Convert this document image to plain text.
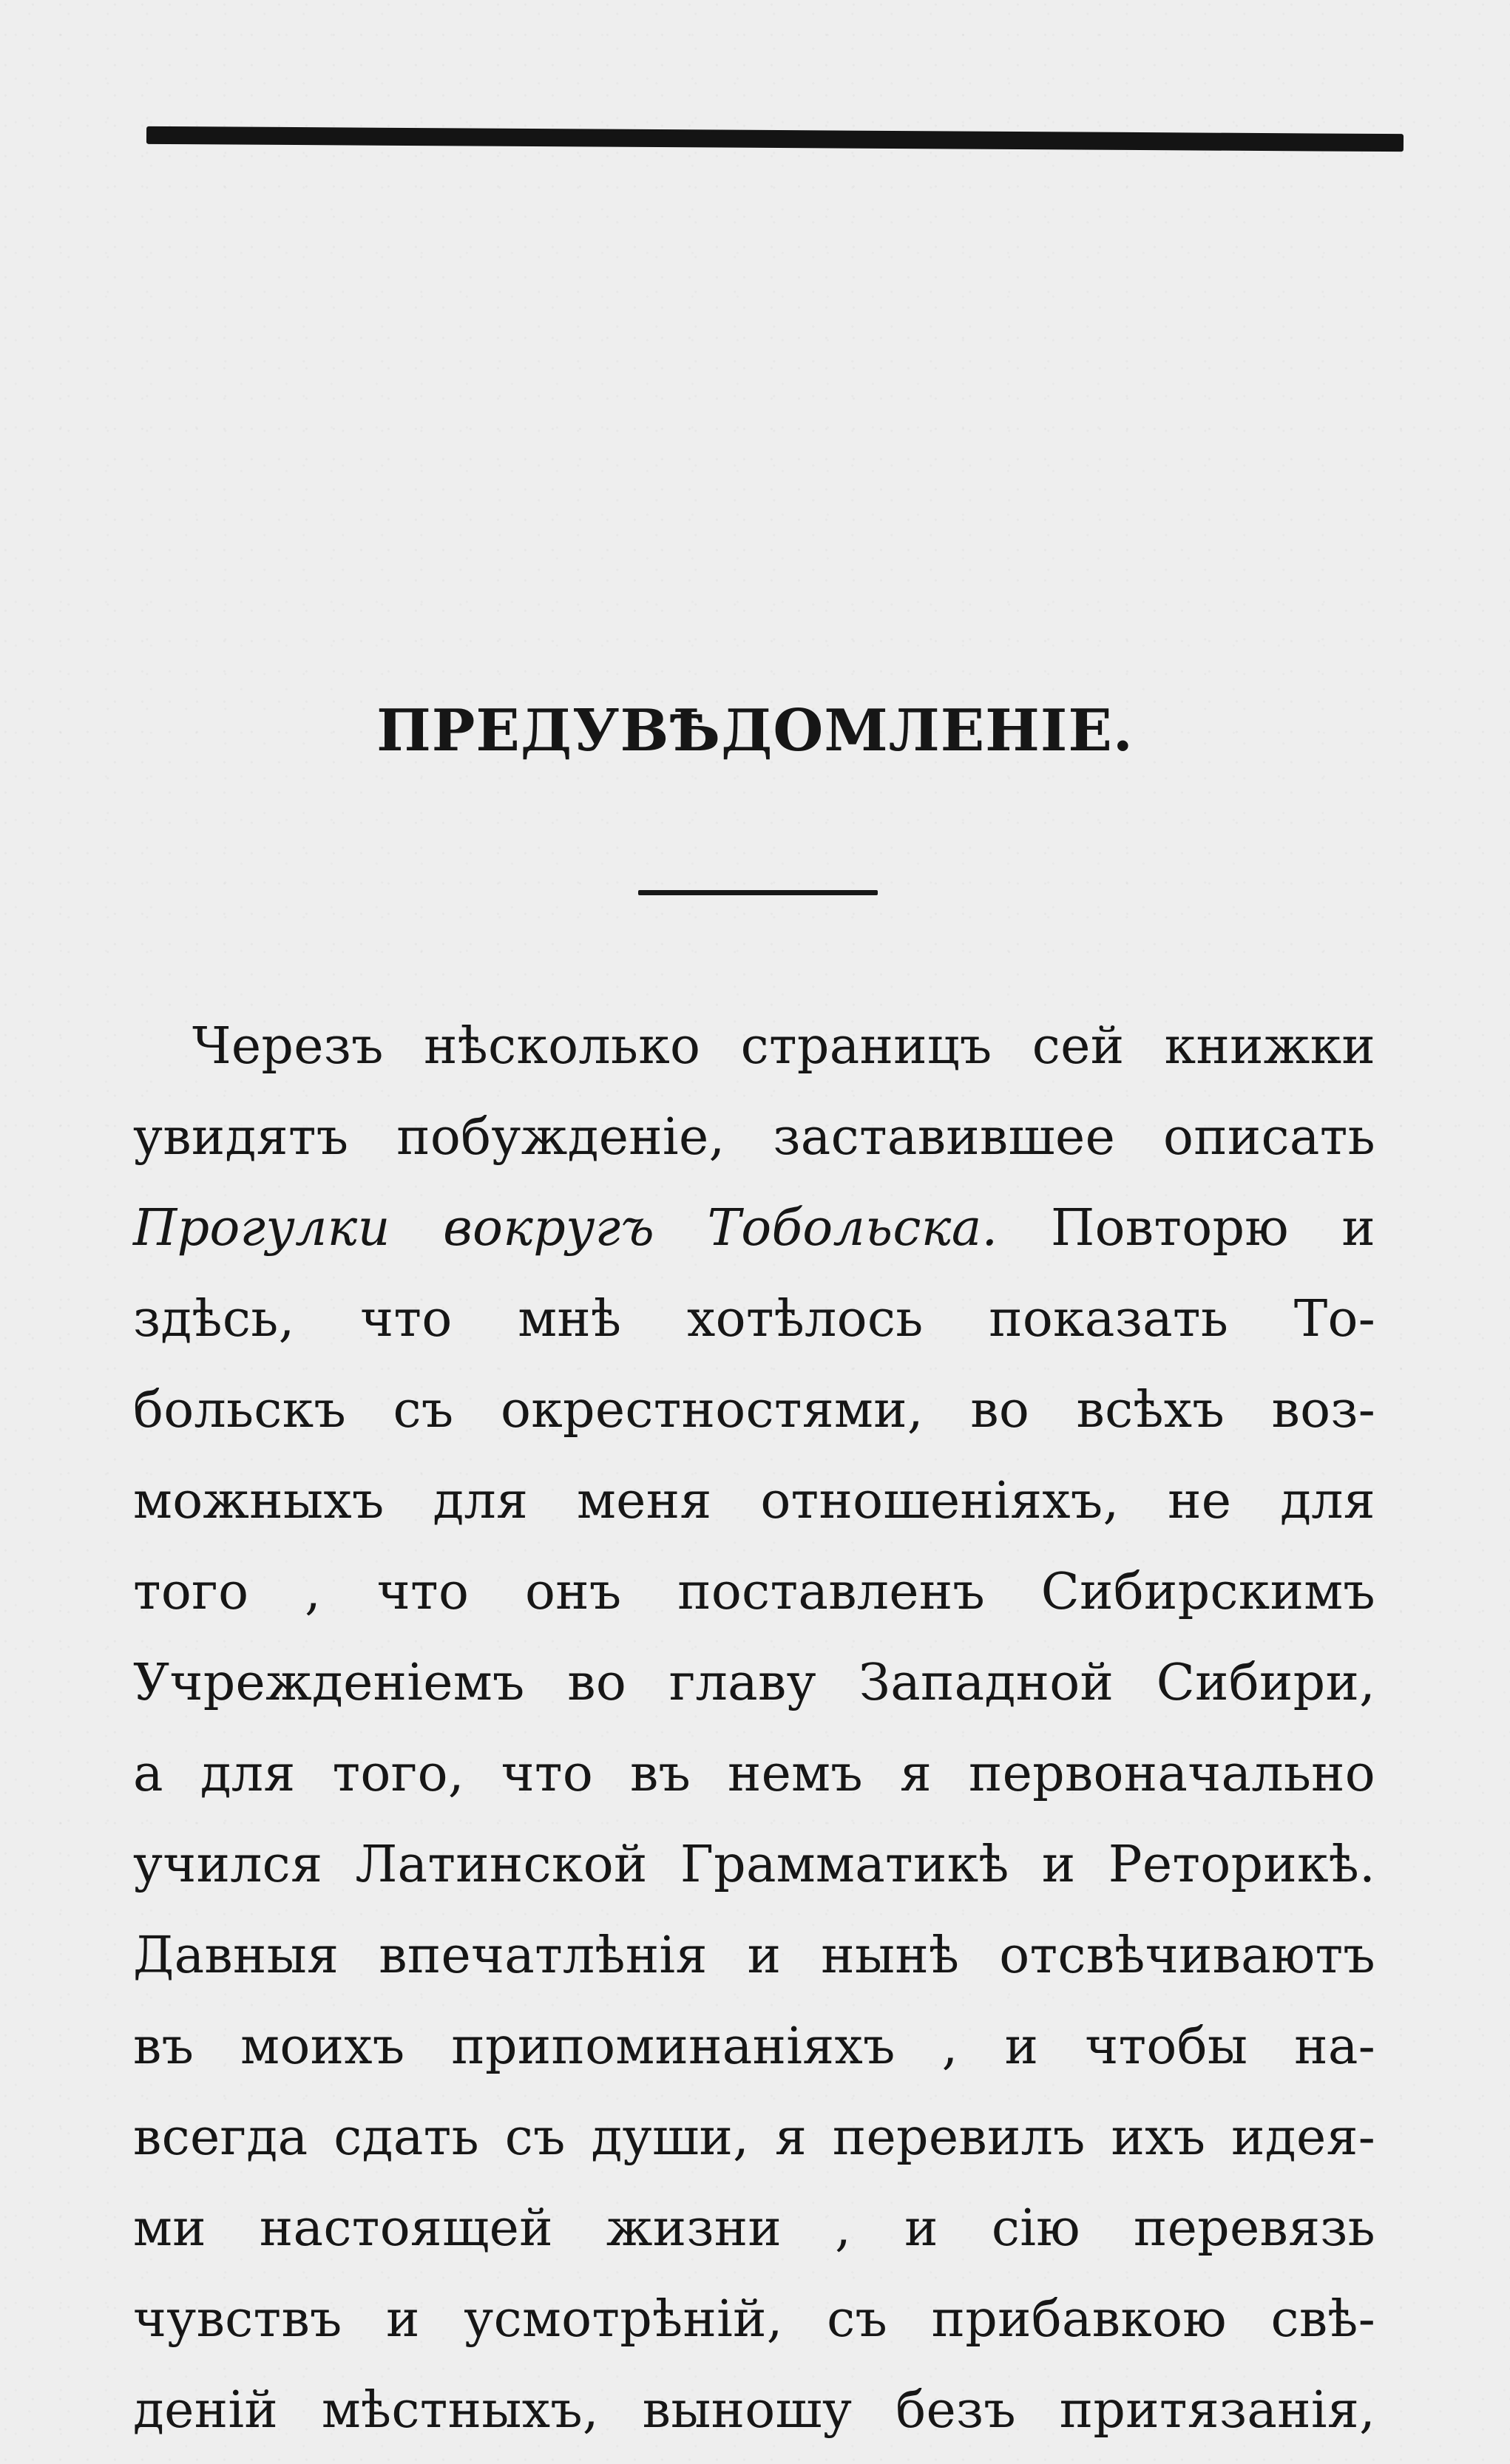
ПРЕДУВѢДОМЛЕНІЕ.

Черезъ нѣсколько страницъ сей книжки

увидятъ побужденіе, заставившее описать

Прогулки вокругъ Тобольска. Повторю и

здѣсь, что мнѣ хотѣлось показать То-

больскъ съ окрестностями, во всѣхъ воз-

можныхъ для меня отношеніяхъ, не для

того , что онъ поставленъ Сибирскимъ

Учрежденіемъ во главу Западной Сибири,

а для того, что въ немъ я первоначально

учился Латинской Грамматикѣ и Реторикѣ.

Давныя впечатлѣнія и нынѣ отсвѣчиваютъ

въ моихъ припоминаніяхъ , и чтобы на-

всегда сдать съ души, я перевилъ ихъ идея-

ми настоящей жизни , и сію перевязь

чувствъ и усмотрѣній, съ прибавкою свѣ-

деній мѣстныхъ, выношу безъ притязанія,
